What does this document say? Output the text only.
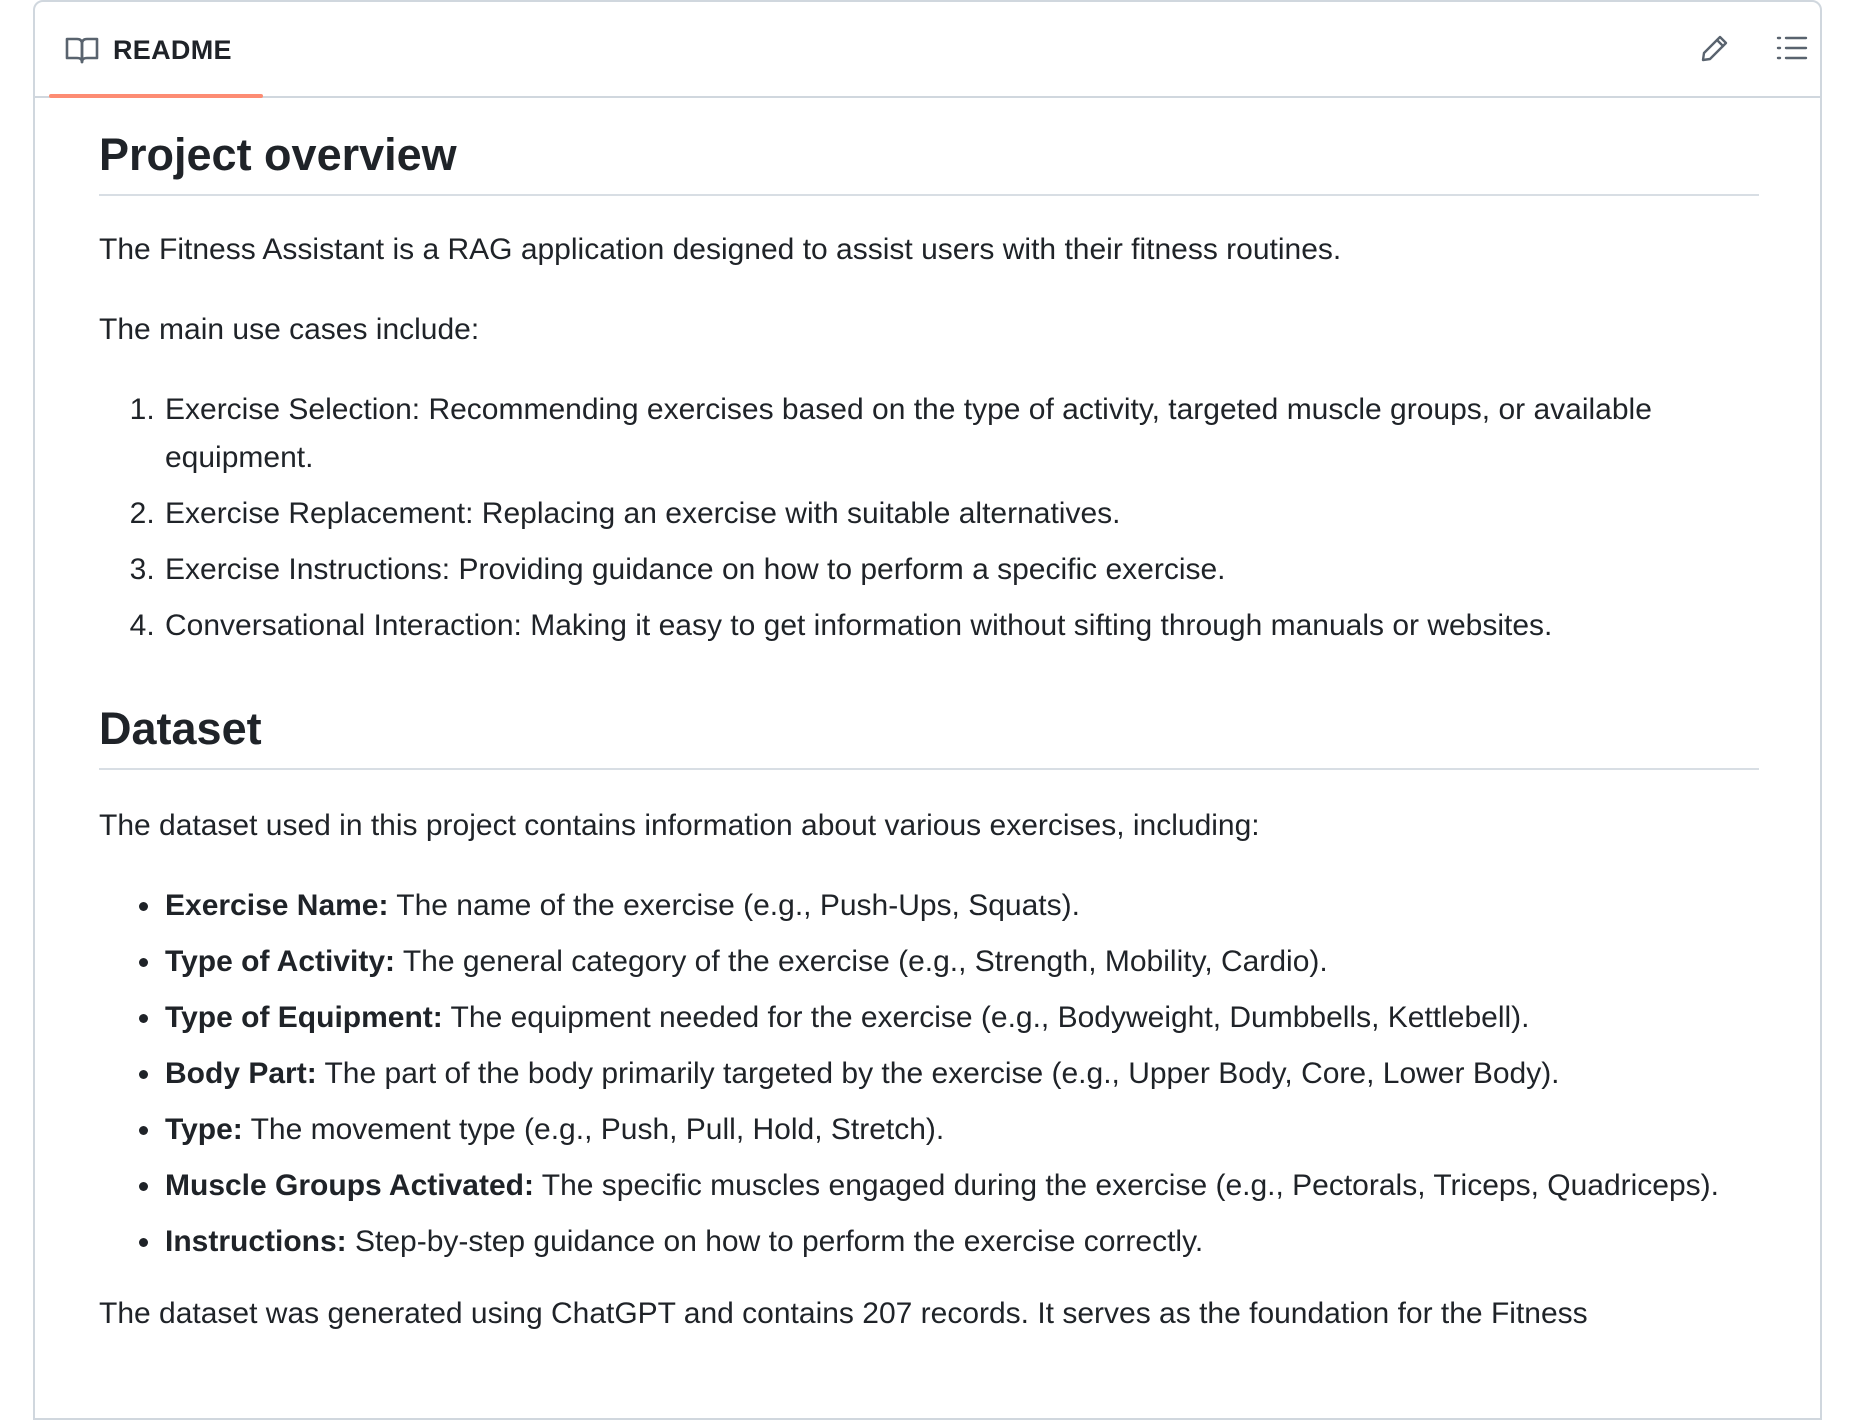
README
Project overview

The Fitness Assistant is a RAG application designed to assist users with their fitness routines.

The main use cases include:

1. Exercise Selection: Recommending exercises based on the type of activity, targeted muscle groups, or available equipment.
2. Exercise Replacement: Replacing an exercise with suitable alternatives.
3. Exercise Instructions: Providing guidance on how to perform a specific exercise.
4. Conversational Interaction: Making it easy to get information without sifting through manuals or websites.
Dataset

The dataset used in this project contains information about various exercises, including:

• Exercise Name: The name of the exercise (e.g., Push-Ups, Squats).
• Type of Activity: The general category of the exercise (e.g., Strength, Mobility, Cardio).
• Type of Equipment: The equipment needed for the exercise (e.g., Bodyweight, Dumbbells, Kettlebell).
• Body Part: The part of the body primarily targeted by the exercise (e.g., Upper Body, Core, Lower Body).
• Type: The movement type (e.g., Push, Pull, Hold, Stretch).
• Muscle Groups Activated: The specific muscles engaged during the exercise (e.g., Pectorals, Triceps, Quadriceps).
• Instructions: Step-by-step guidance on how to perform the exercise correctly.

The dataset was generated using ChatGPT and contains 207 records. It serves as the foundation for the Fitness
